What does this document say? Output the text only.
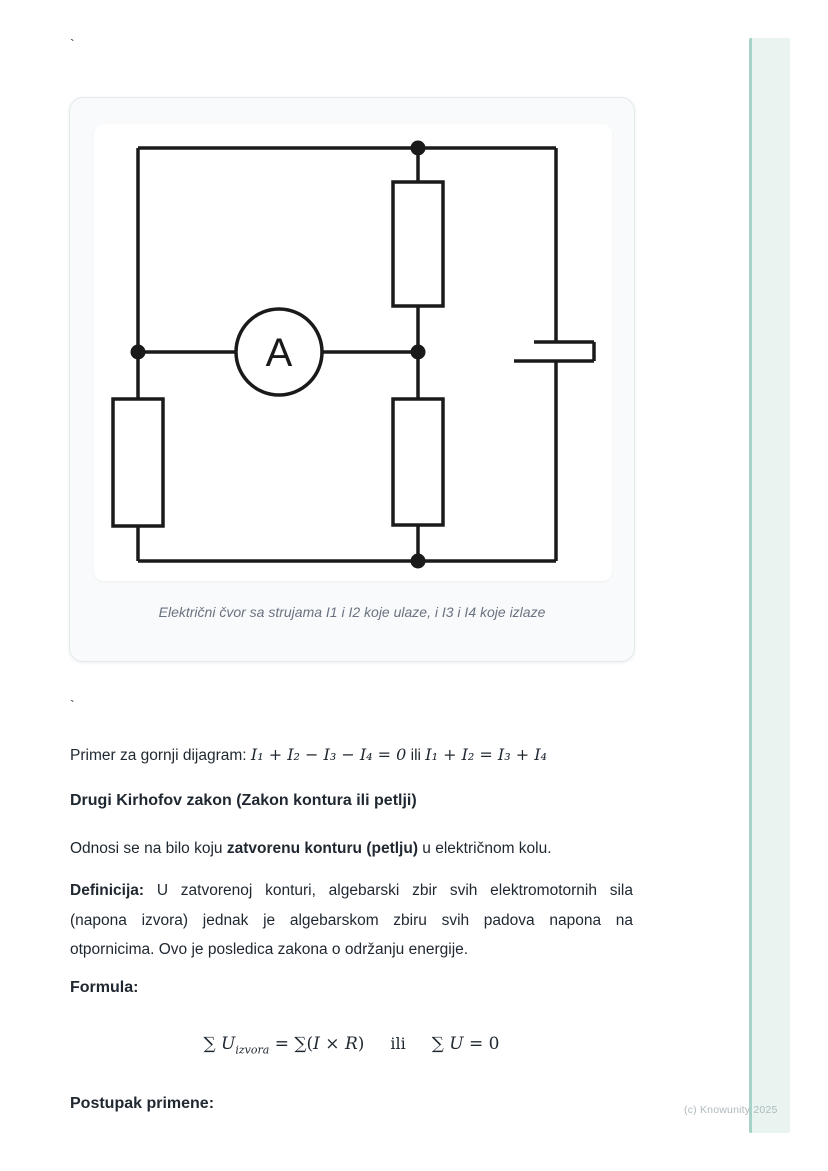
`
A
Električni čvor sa strujama I1 i I2 koje ulaze, i I3 i I4 koje izlaze
`
Primer za gornji dijagram: I₁ + I₂ − I₃ − I₄ = 0 ili I₁ + I₂ = I₃ + I₄
Drugi Kirhofov zakon (Zakon kontura ili petlji)
Odnosi se na bilo koju zatvorenu konturu (petlju) u električnom kolu.
Definicija: U zatvorenoj konturi, algebarski zbir svih elektromotornih sila
(napona izvora) jednak je algebarskom zbiru svih padova napona na
otpornicima. Ovo je posledica zakona o održanju energije.
Formula:
∑ $U_{izvora} = \sum(I \times R)$ ili ∑ U = 0
Postupak primene:	(c) Knowunity 2025
